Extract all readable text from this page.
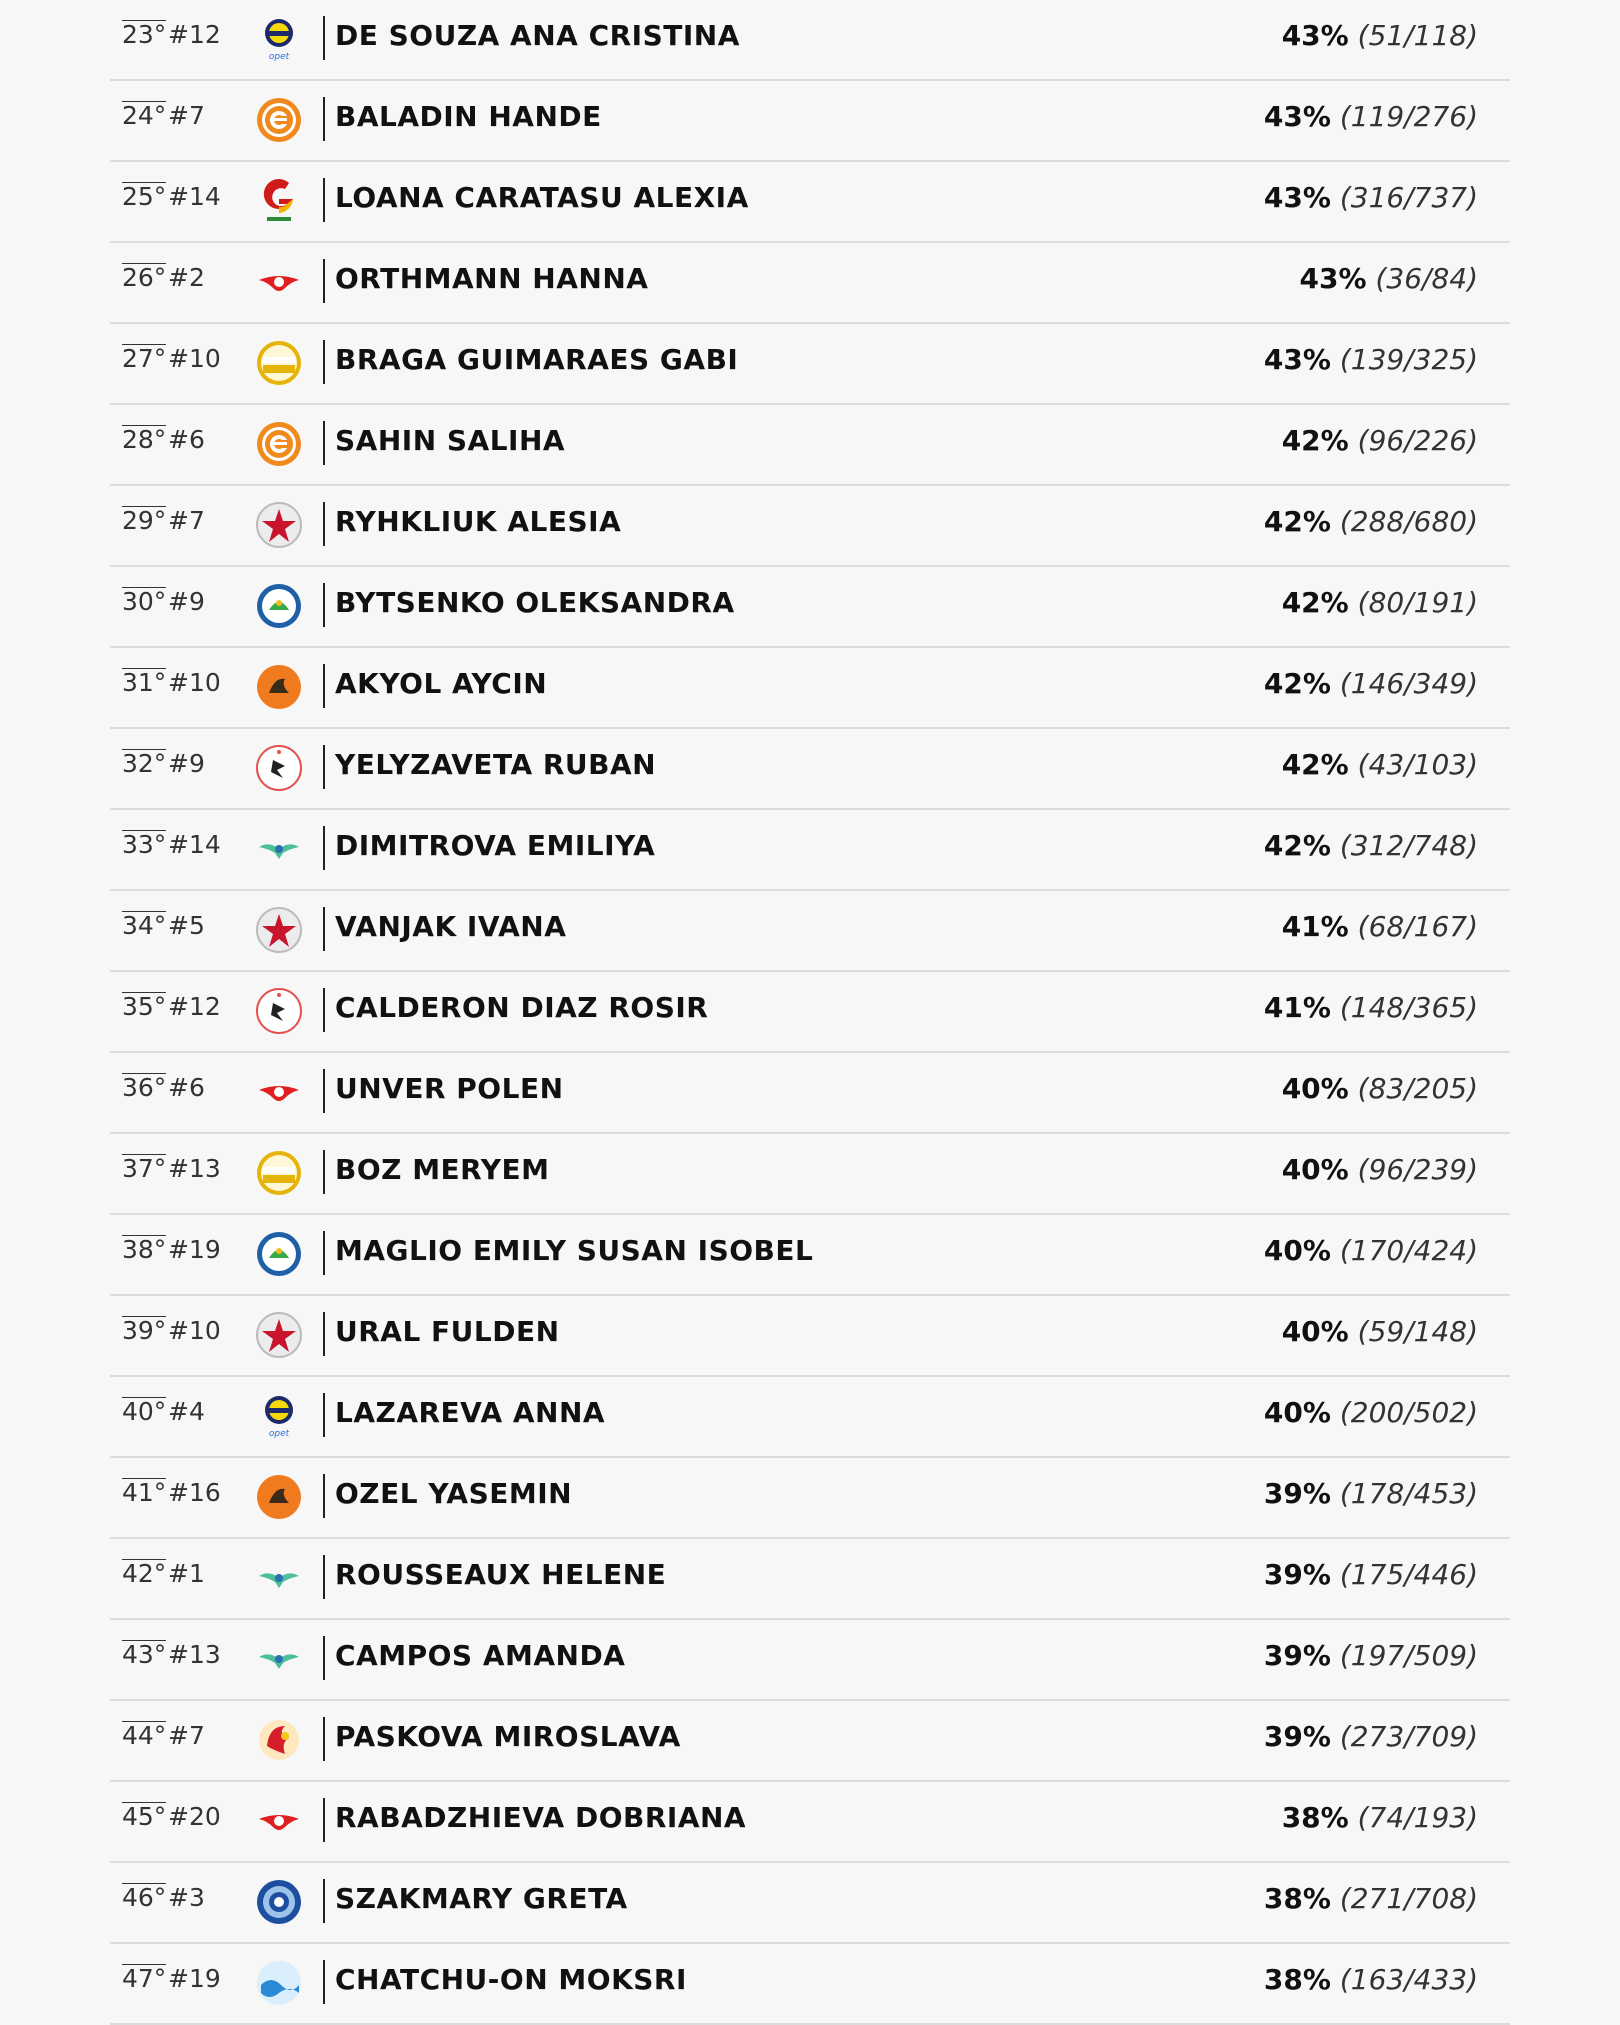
23° #12	DE SOUZA ANA CRISTINA	43% (51/118)
24° #7	BALADIN HANDE	43% (119/276)
25° #14	LOANA CARATASU ALEXIA	43% (316/737)
26° #2	ORTHMANN HANNA	43% (36/84)
27° #10	BRAGA GUIMARAES GABI	43% (139/325)
28° #6	SAHIN SALIHA	42% (96/226)
29° #7	RYHKLIUK ALESIA	42% (288/680)
30° #9	BYTSENKO OLEKSANDRA	42% (80/191)
31° #10	AKYOL AYCIN	42% (146/349)
32° #9	YELYZAVETA RUBAN	42% (43/103)
33° #14	DIMITROVA EMILIYA	42% (312/748)
34° #5	VANJAK IVANA	41% (68/167)
35° #12	CALDERON DIAZ ROSIR	41% (148/365)
36° #6	UNVER POLEN	40% (83/205)
37° #13	BOZ MERYEM	40% (96/239)
38° #19	MAGLIO EMILY SUSAN ISOBEL	40% (170/424)
39° #10	URAL FULDEN	40% (59/148)
40° #4	LAZAREVA ANNA	40% (200/502)
41° #16	OZEL YASEMIN	39% (178/453)
42° #1	ROUSSEAUX HELENE	39% (175/446)
43° #13	CAMPOS AMANDA	39% (197/509)
44° #7	PASKOVA MIROSLAVA	39% (273/709)
45° #20	RABADZHIEVA DOBRIANA	38% (74/193)
46° #3	SZAKMARY GRETA	38% (271/708)
47° #19	CHATCHU-ON MOKSRI	38% (163/433)
